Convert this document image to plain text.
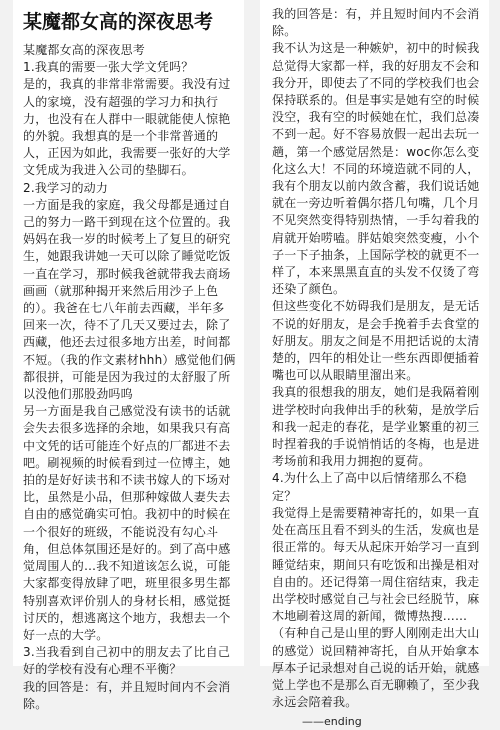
某魔都女高的深夜思考

某魔都女高的深夜思考

1.我真的需要一张大学文凭吗？

是的，我真的非常非常需要。我没有过人的家境，没有超强的学习力和执行力，也没有在人群中一眼就能使人惊艳的外貌。我想真的是一个非常普通的人，正因为如此，我需要一张好的大学文凭成为我进入公司的垫脚石。

2.我学习的动力

一方面是我的家庭，我父母都是通过自己的努力一路干到现在这个位置的。我妈妈在我一岁的时候考上了复旦的研究生，她跟我讲她一天可以除了睡觉吃饭一直在学习，那时候我爸就带我去商场画画（就那种揭开来然后用沙子上色的）。我爸在七八年前去西藏，半年多回来一次，待不了几天又要过去，除了西藏，他还去过很多地方出差，时间都不短。（我的作文素材hhh）感觉他们俩都很拼，可能是因为我过的太舒服了所以没他们那股劲吗呜

另一方面是我自己感觉没有读书的话就会失去很多选择的余地，如果我只有高中文凭的话可能连个好点的厂都进不去吧。刷视频的时候看到过一位博主，她拍的是好好读书和不读书嫁人的下场对比，虽然是小品，但那种嫁做人妻失去自由的感觉确实可怕。我初中的时候在一个很好的班级，不能说没有勾心斗角，但总体氛围还是好的。到了高中感觉周围人的…我不知道该怎么说，可能大家都变得放肆了吧，班里很多男生都特别喜欢评价别人的身材长相，感觉挺讨厌的，想逃离这个地方，我想去一个好一点的大学。

3.当我看到自己初中的朋友去了比自己好的学校有没有心理不平衡？

我的回答是：有，并且短时间内不会消除。

我的回答是：有，并且短时间内不会消除。

我不认为这是一种嫉妒，初中的时候我总觉得大家都一样，我的好朋友不会和我分开，即使去了不同的学校我们也会保持联系的。但是事实是她有空的时候没空，我有空的时候她在忙，我们总凑不到一起。好不容易放假一起出去玩一趟，第一个感觉居然是：woc你怎么变化这么大！不同的环境造就不同的人，我有个朋友以前内敛含蓄，我们说话她就在一旁边听着偶尔搭几句嘴，几个月不见突然变得特别热情，一手勾着我的肩就开始唠嗑。胖姑娘突然变瘦，小个子一下子抽条，上国际学校的就更不一样了，本来黑黑直直的头发不仅烫了弯还染了颜色。

但这些变化不妨碍我们是朋友，是无话不说的好朋友，是会手挽着手去食堂的好朋友。朋友之间是不用把话说的太清楚的，四年的相处让一些东西即便插着嘴也可以从眼睛里溜出来。

我真的很想我的朋友，她们是我隔着刚进学校时向我伸出手的秋菊，是放学后和我一起走的春花，是学业繁重的初三时捏着我的手说悄悄话的冬梅，也是进考场前和我用力拥抱的夏荷。

4.为什么上了高中以后情绪那么不稳定？

我觉得上是需要精神寄托的，如果一直处在高压且看不到头的生活，发疯也是很正常的。每天从起床开始学习一直到睡觉结束，期间只有吃饭和出操是相对自由的。还记得第一周住宿结束，我走出学校时感觉自己与社会已经脱节，麻木地刷着这周的新闻，微博热搜……（有种自己是山里的野人刚刚走出大山的感觉）说回精神寄托，自从开始拿本厚本子记录想对自己说的话开始，就感觉上学也不是那么百无聊赖了，至少我永远会陪着我。

——ending
